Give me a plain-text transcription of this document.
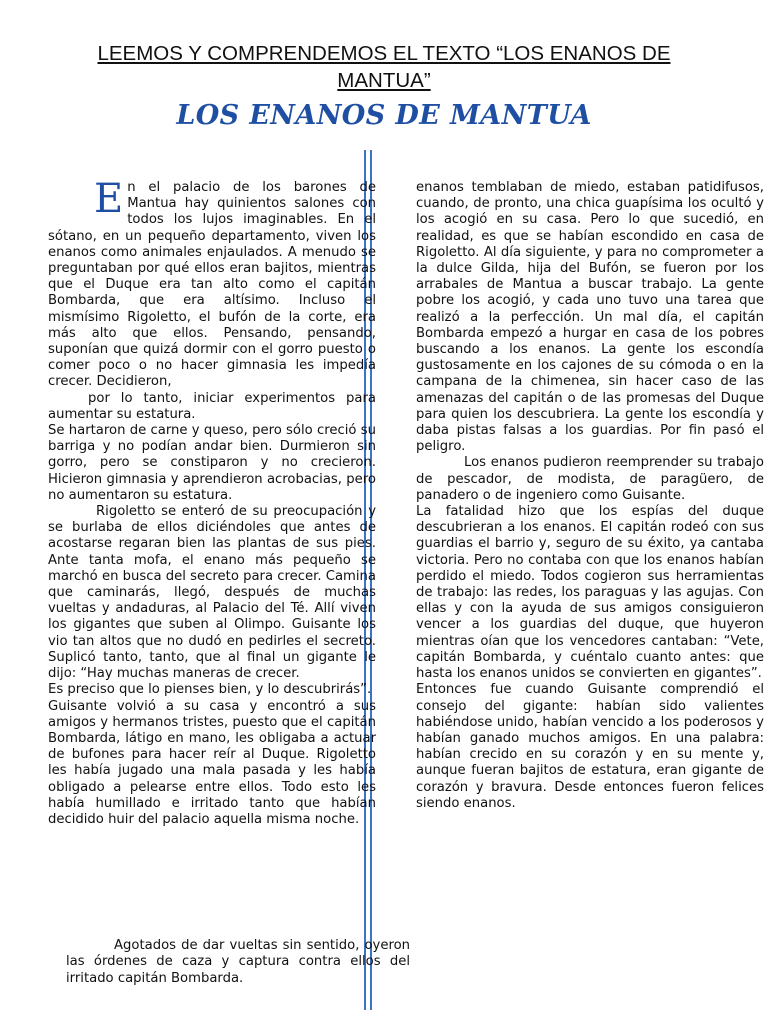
LEEMOS Y COMPRENDEMOS EL TEXTO “LOS ENANOS DE
MANTUA”
LOS ENANOS DE MANTUA

En el palacio de los barones de Mantua hay quinientos salones con todos los lujos imaginables. En el sótano, en un pequeño departamento, viven los enanos como animales enjaulados. A menudo se preguntaban por qué ellos eran bajitos, mientras que el Duque era tan alto como el capitán Bombarda, que era altísimo. Incluso el mismísimo Rigoletto, el bufón de la corte, era más alto que ellos. Pensando, pensando, suponían que quizá dormir con el gorro puesto o comer poco o no hacer gimnasia les impedía crecer. Decidieron,

por lo tanto, iniciar experimentos para aumentar su estatura.

Se hartaron de carne y queso, pero sólo creció su barriga y no podían andar bien. Durmieron sin gorro, pero se constiparon y no crecieron. Hicieron gimnasia y aprendieron acrobacias, pero no aumentaron su estatura.

Rigoletto se enteró de su preocupación y se burlaba de ellos diciéndoles que antes de acostarse regaran bien las plantas de sus pies. Ante tanta mofa, el enano más pequeño se marchó en busca del secreto para crecer. Camina que caminarás, llegó, después de muchas vueltas y andaduras, al Palacio del Té. Allí viven los gigantes que suben al Olimpo. Guisante los vio tan altos que no dudó en pedirles el secreto. Suplicó tanto, tanto, que al final un gigante le dijo: “Hay muchas maneras de crecer.

Es preciso que lo pienses bien, y lo descubrirás”.

Guisante volvió a su casa y encontró a sus amigos y hermanos tristes, puesto que el capitán Bombarda, látigo en mano, les obligaba a actuar de bufones para hacer reír al Duque. Rigoletto les había jugado una mala pasada y les había obligado a pelearse entre ellos. Todo esto les había humillado e irritado tanto que habían decidido huir del palacio aquella misma noche.

Agotados de dar vueltas sin sentido, oyeron las órdenes de caza y captura contra ellos del irritado capitán Bombarda.

enanos temblaban de miedo, estaban patidifusos, cuando, de pronto, una chica guapísima los ocultó y los acogió en su casa. Pero lo que sucedió, en realidad, es que se habían escondido en casa de Rigoletto. Al día siguiente, y para no comprometer a la dulce Gilda, hija del Bufón, se fueron por los arrabales de Mantua a buscar trabajo. La gente pobre los acogió, y cada uno tuvo una tarea que realizó a la perfección. Un mal día, el capitán Bombarda empezó a hurgar en casa de los pobres buscando a los enanos. La gente los escondía gustosamente en los cajones de su cómoda o en la campana de la chimenea, sin hacer caso de las amenazas del capitán o de las promesas del Duque para quien los descubriera. La gente los escondía y daba pistas falsas a los guardias. Por fin pasó el peligro.

Los enanos pudieron reemprender su trabajo de pescador, de modista, de paragüero, de panadero o de ingeniero como Guisante.

La fatalidad hizo que los espías del duque descubrieran a los enanos. El capitán rodeó con sus guardias el barrio y, seguro de su éxito, ya cantaba victoria. Pero no contaba con que los enanos habían perdido el miedo. Todos cogieron sus herramientas de trabajo: las redes, los paraguas y las agujas. Con ellas y con la ayuda de sus amigos consiguieron vencer a los guardias del duque, que huyeron mientras oían que los vencedores cantaban: “Vete, capitán Bombarda, y cuéntalo cuanto antes: que hasta los enanos unidos se convierten en gigantes”.

Entonces fue cuando Guisante comprendió el consejo del gigante: habían sido valientes habiéndose unido, habían vencido a los poderosos y habían ganado muchos amigos. En una palabra: habían crecido en su corazón y en su mente y, aunque fueran bajitos de estatura, eran gigante de corazón y bravura. Desde entonces fueron felices siendo enanos.
